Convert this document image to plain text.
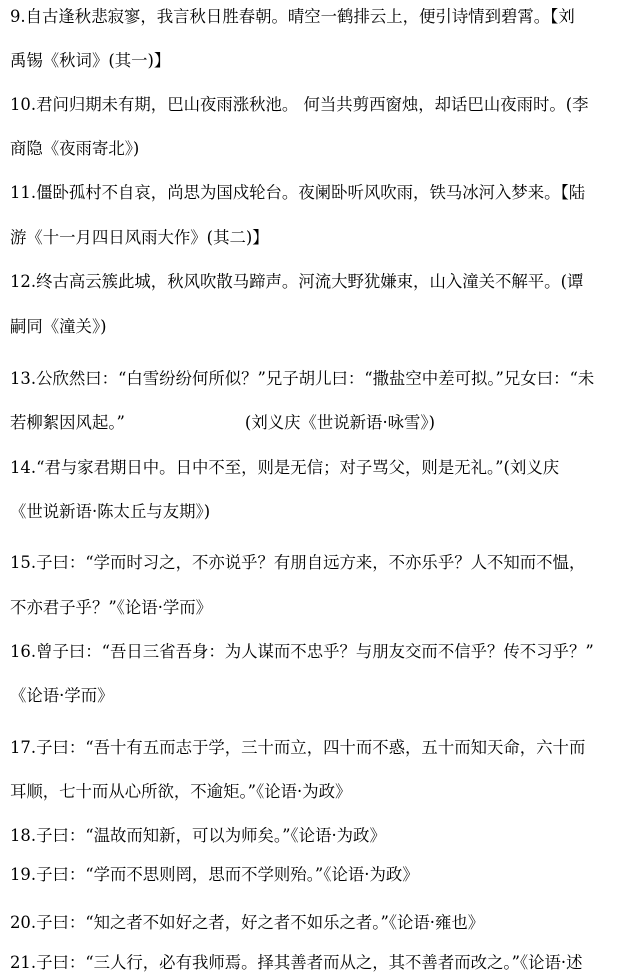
9.自古逢秋悲寂寥，我言秋日胜春朝。晴空一鹤排云上，便引诗情到碧霄。【刘
禹锡《秋词》(其一)】
10.君问归期未有期，巴山夜雨涨秋池。 何当共剪西窗烛，却话巴山夜雨时。(李
商隐《夜雨寄北》)
11.僵卧孤村不自哀，尚思为国戍轮台。夜阑卧听风吹雨，铁马冰河入梦来。【陆
游《十一月四日风雨大作》(其二)】
12.终古高云簇此城，秋风吹散马蹄声。河流大野犹嫌束，山入潼关不解平。(谭
嗣同《潼关》)
13.公欣然曰：“白雪纷纷何所似？”兄子胡儿曰：“撒盐空中差可拟。”兄女曰：“未
若柳絮因风起。”	(刘义庆《世说新语·咏雪》)
14.“君与家君期日中。日中不至，则是无信；对子骂父，则是无礼。”(刘义庆
《世说新语·陈太丘与友期》)
15.子曰：“学而时习之，不亦说乎？有朋自远方来，不亦乐乎？人不知而不愠，
不亦君子乎？”《论语·学而》
16.曾子曰：“吾日三省吾身：为人谋而不忠乎？与朋友交而不信乎？传不习乎？”
《论语·学而》
17.子曰：“吾十有五而志于学，三十而立，四十而不惑，五十而知天命，六十而
耳顺，七十而从心所欲，不逾矩。”《论语·为政》
18.子曰：“温故而知新，可以为师矣。”《论语·为政》
19.子曰：“学而不思则罔，思而不学则殆。”《论语·为政》
20.子曰：“知之者不如好之者，好之者不如乐之者。”《论语·雍也》
21.子曰：“三人行，必有我师焉。择其善者而从之，其不善者而改之。”《论语·述
